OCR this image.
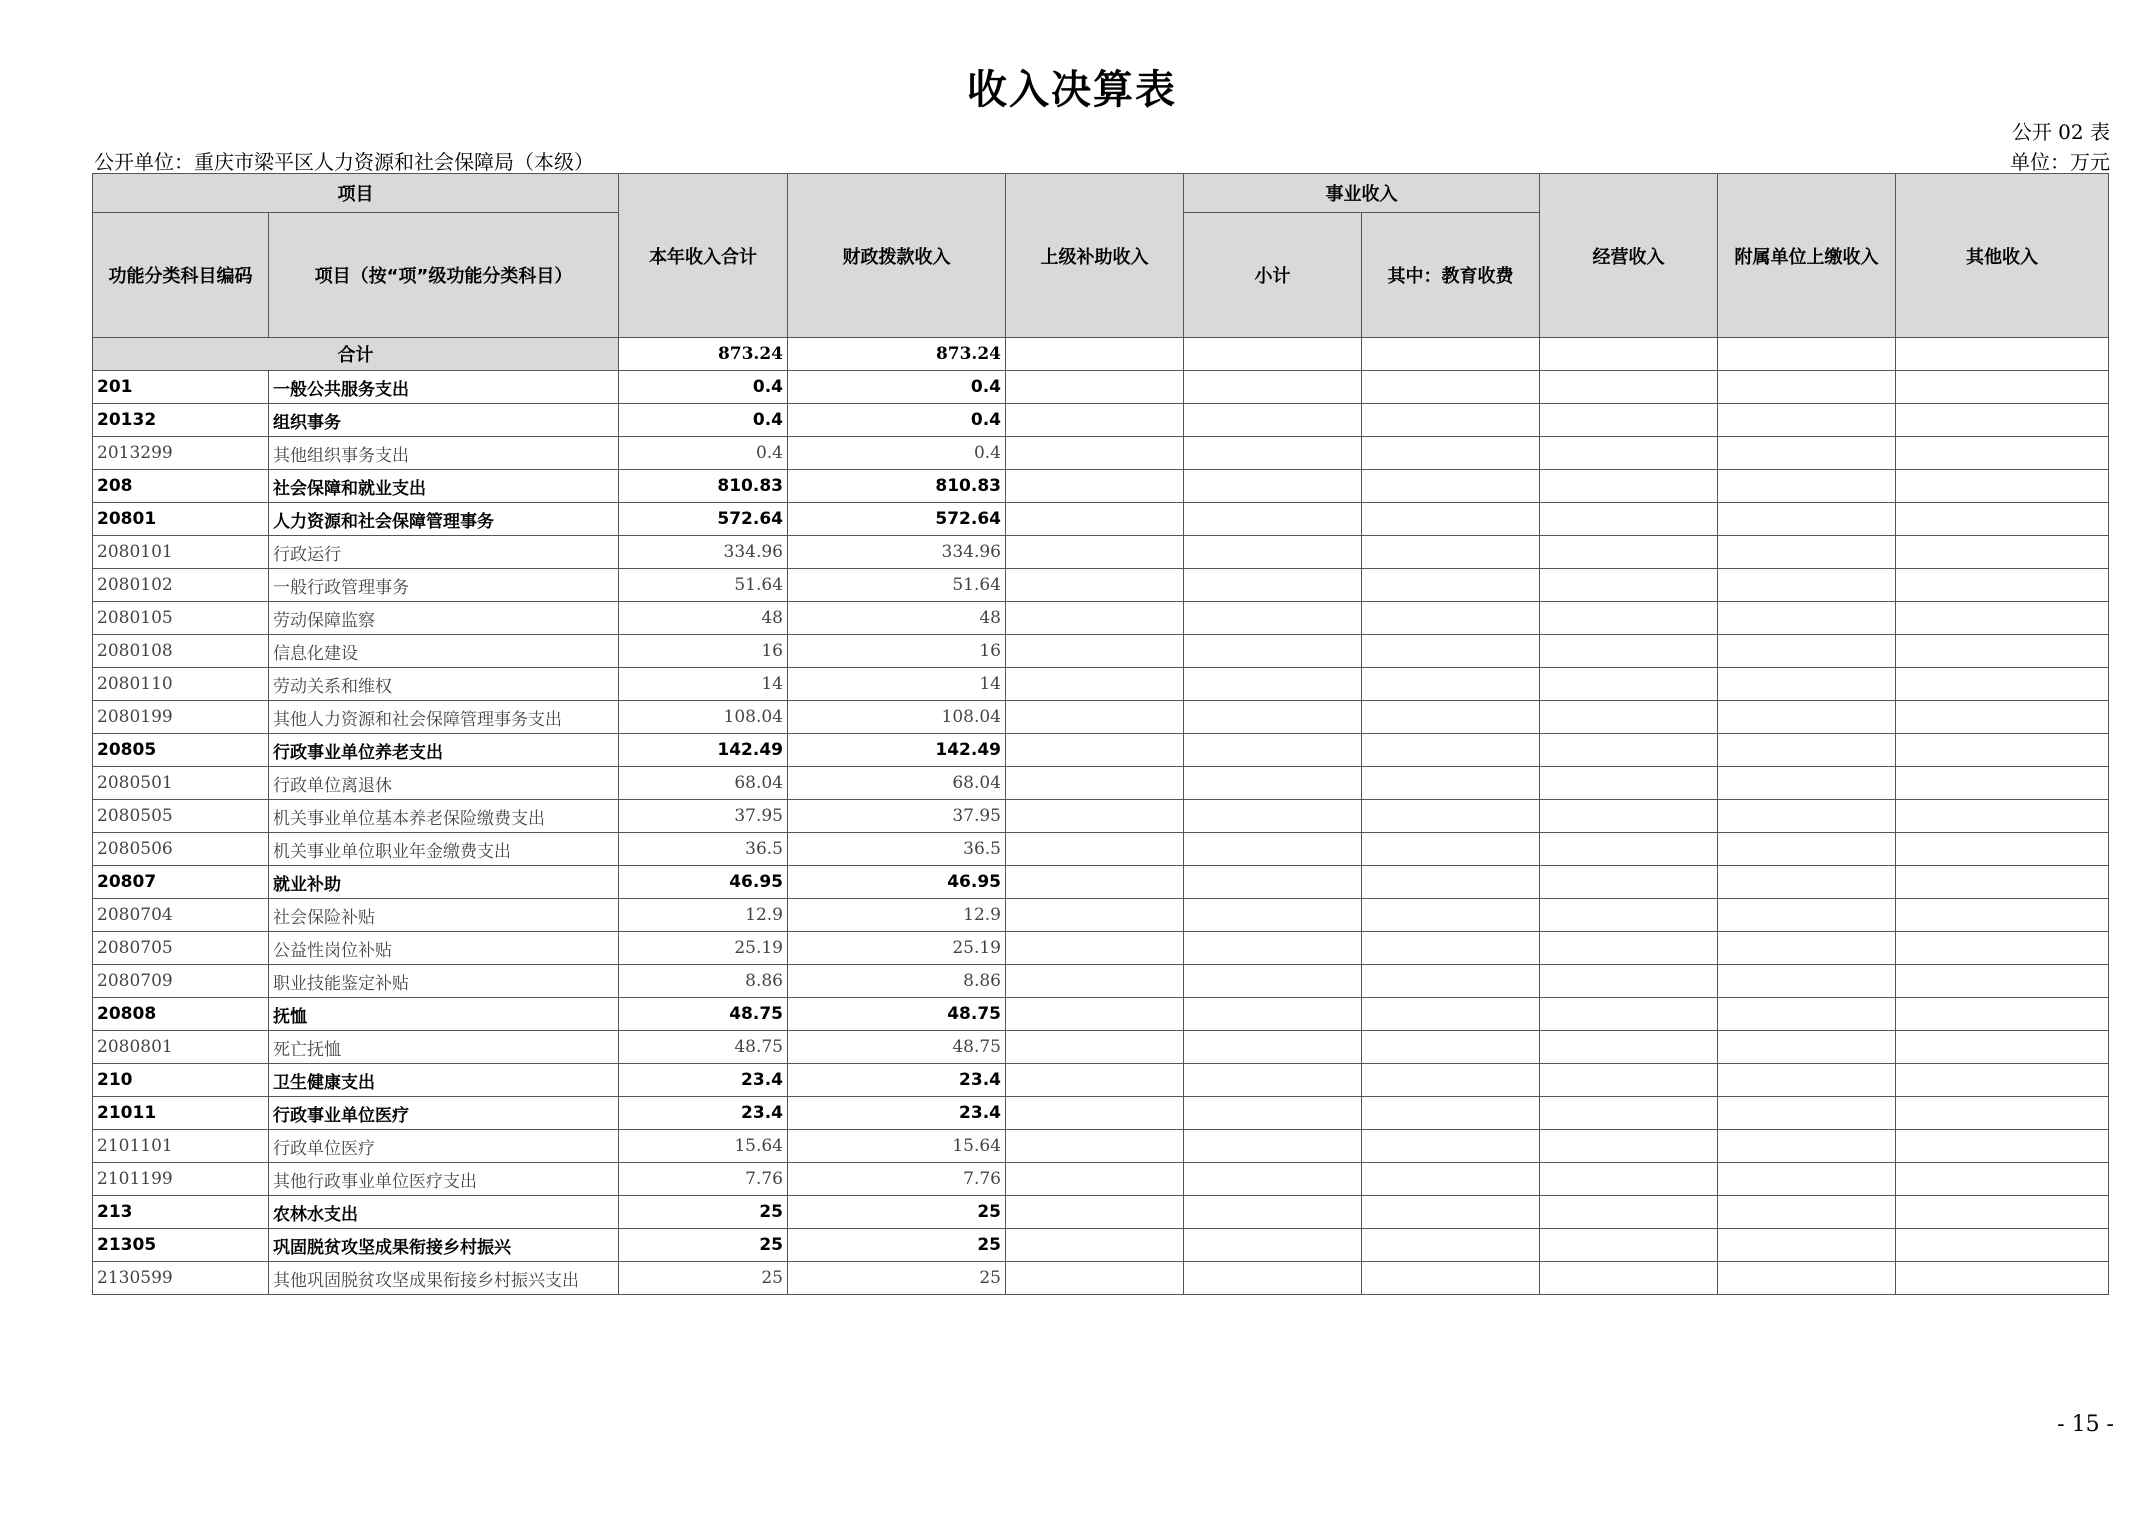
收入决算表
公开 02 表
公开单位：重庆市梁平区人力资源和社会保障局（本级）	单位：万元
项目		本年收入合计	财政拨款收入	上级补助收入	事业收入		经营收入	附属单位上缴收入	其他收入
功能分类科目编码	项目（按“项”级功能分类科目）				小计	其中：教育收费			
合计		873.24	873.24						
201	一般公共服务支出	0.4	0.4						
20132	组织事务	0.4	0.4						
2013299	其他组织事务支出	0.4	0.4						
208	社会保障和就业支出	810.83	810.83						
20801	人力资源和社会保障管理事务	572.64	572.64						
2080101	行政运行	334.96	334.96						
2080102	一般行政管理事务	51.64	51.64						
2080105	劳动保障监察	48	48						
2080108	信息化建设	16	16						
2080110	劳动关系和维权	14	14						
2080199	其他人力资源和社会保障管理事务支出	108.04	108.04						
20805	行政事业单位养老支出	142.49	142.49						
2080501	行政单位离退休	68.04	68.04						
2080505	机关事业单位基本养老保险缴费支出	37.95	37.95						
2080506	机关事业单位职业年金缴费支出	36.5	36.5						
20807	就业补助	46.95	46.95						
2080704	社会保险补贴	12.9	12.9						
2080705	公益性岗位补贴	25.19	25.19						
2080709	职业技能鉴定补贴	8.86	8.86						
20808	抚恤	48.75	48.75						
2080801	死亡抚恤	48.75	48.75						
210	卫生健康支出	23.4	23.4						
21011	行政事业单位医疗	23.4	23.4						
2101101	行政单位医疗	15.64	15.64						
2101199	其他行政事业单位医疗支出	7.76	7.76						
213	农林水支出	25	25						
21305	巩固脱贫攻坚成果衔接乡村振兴	25	25						
2130599	其他巩固脱贫攻坚成果衔接乡村振兴支出	25	25						
- 15 -
